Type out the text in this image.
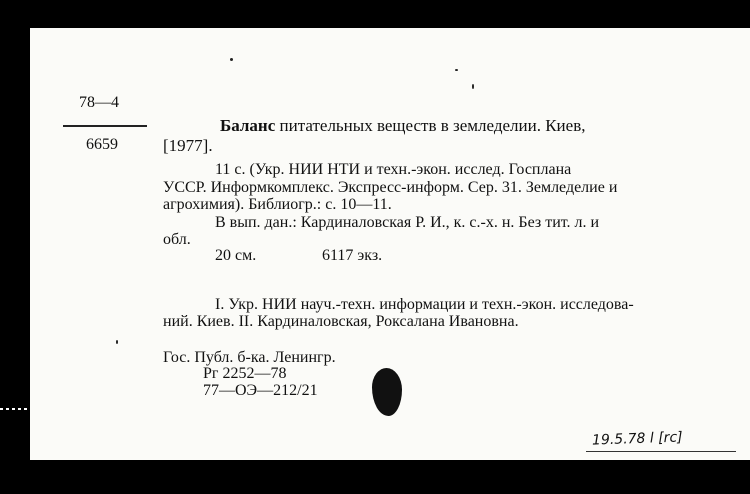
78—4
6659
Баланс питательных веществ в земледелии. Киев,
[1977].
11 с. (Укр. НИИ НТИ и техн.-экон. исслед. Госплана
УССР. Информкомплекс. Экспресс-информ. Сер. 31. Земледелие и
агрохимия). Библиогр.: с. 10—11.
В вып. дан.: Кардиналовская Р. И., к. с.-х. н. Без тит. л. и
обл.
20 см.	6117 экз.
I. Укр. НИИ науч.-техн. информации и техн.-экон. исследова-
ний. Киев. II. Кардиналовская, Роксалана Ивановна.
Гос. Публ. б-ка. Ленингр.
Рг 2252—78
77—ОЭ—212/21
19.5.78 l [rc]
